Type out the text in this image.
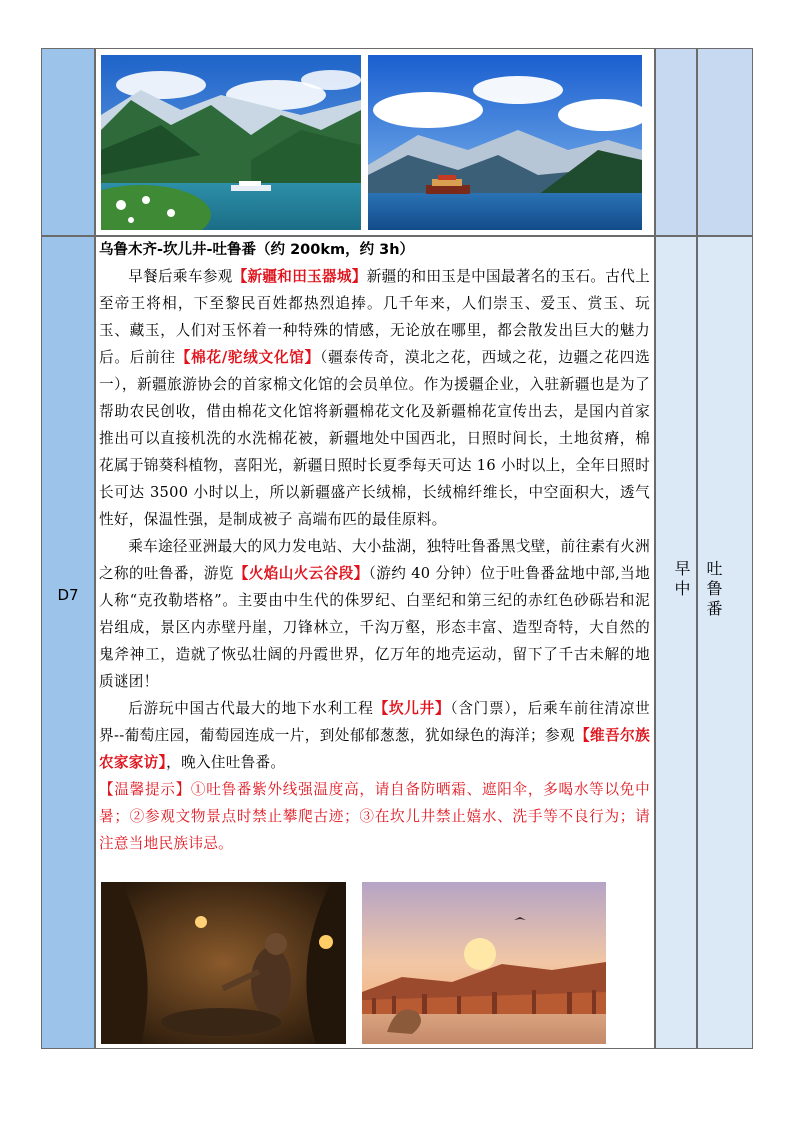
D7
乌鲁木齐-坎儿井-吐鲁番（约 200km，约 3h）

早餐后乘车参观【新疆和田玉器城】新疆的和田玉是中国最著名的玉石。古代上至帝王将相，下至黎民百姓都热烈追捧。几千年来，人们崇玉、爱玉、赏玉、玩玉、藏玉，人们对玉怀着一种特殊的情感，无论放在哪里，都会散发出巨大的魅力后。后前往【棉花/驼绒文化馆】（疆泰传奇，漠北之花，西域之花，边疆之花四选一），新疆旅游协会的首家棉文化馆的会员单位。作为援疆企业，入驻新疆也是为了帮助农民创收，借由棉花文化馆将新疆棉花文化及新疆棉花宣传出去，是国内首家推出可以直接机洗的水洗棉花被，新疆地处中国西北，日照时间长，土地贫瘠，棉花属于锦葵科植物，喜阳光，新疆日照时长夏季每天可达 16 小时以上，全年日照时长可达 3500 小时以上，所以新疆盛产长绒棉，长绒棉纤维长，中空面积大，透气性好，保温性强，是制成被子 高端布匹的最佳原料。

乘车途径亚洲最大的风力发电站、大小盐湖，独特吐鲁番黑戈壁，前往素有火洲之称的吐鲁番，游览【火焰山火云谷段】（游约 40 分钟）位于吐鲁番盆地中部,当地人称“克孜勒塔格”。主要由中生代的侏罗纪、白垩纪和第三纪的赤红色砂砾岩和泥岩组成，景区内赤壁丹崖，刀锋林立，千沟万壑，形态丰富、造型奇特，大自然的鬼斧神工，造就了恢弘壮阔的丹霞世界，亿万年的地壳运动，留下了千古未解的地质谜团！

后游玩中国古代最大的地下水利工程【坎儿井】（含门票），后乘车前往清凉世界--葡萄庄园，葡萄园连成一片，到处郁郁葱葱，犹如绿色的海洋；参观【维吾尔族农家家访】，晚入住吐鲁番。

【温馨提示】①吐鲁番紫外线强温度高，请自备防晒霜、遮阳伞，多喝水等以免中暑；②参观文物景点时禁止攀爬古迹；③在坎儿井禁止嬉水、洗手等不良行为；请注意当地民族讳忌。

早中 吐鲁番
